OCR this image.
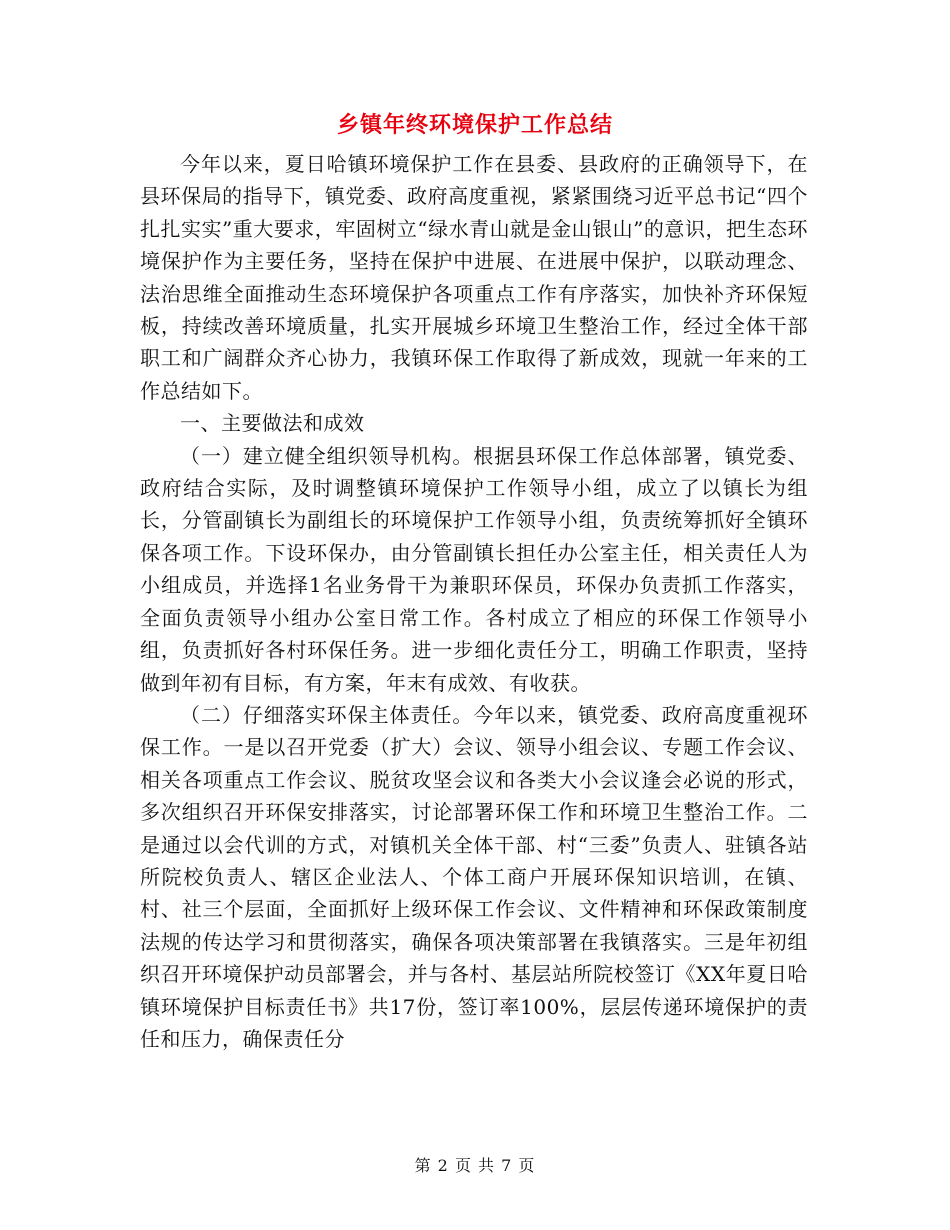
乡镇年终环境保护工作总结

今年以来，夏日哈镇环境保护工作在县委、县政府的正确领导下，在县环保局的指导下，镇党委、政府高度重视，紧紧围绕习近平总书记“四个扎扎实实”重大要求，牢固树立“绿水青山就是金山银山”的意识，把生态环境保护作为主要任务，坚持在保护中进展、在进展中保护，以联动理念、法治思维全面推动生态环境保护各项重点工作有序落实，加快补齐环保短板，持续改善环境质量，扎实开展城乡环境卫生整治工作，经过全体干部职工和广阔群众齐心协力，我镇环保工作取得了新成效，现就一年来的工作总结如下。

一、主要做法和成效

（一）建立健全组织领导机构。根据县环保工作总体部署，镇党委、政府结合实际，及时调整镇环境保护工作领导小组，成立了以镇长为组长，分管副镇长为副组长的环境保护工作领导小组，负责统筹抓好全镇环保各项工作。下设环保办，由分管副镇长担任办公室主任，相关责任人为小组成员，并选择1名业务骨干为兼职环保员，环保办负责抓工作落实，全面负责领导小组办公室日常工作。各村成立了相应的环保工作领导小组，负责抓好各村环保任务。进一步细化责任分工，明确工作职责，坚持做到年初有目标，有方案，年末有成效、有收获。

（二）仔细落实环保主体责任。今年以来，镇党委、政府高度重视环保工作。一是以召开党委（扩大）会议、领导小组会议、专题工作会议、相关各项重点工作会议、脱贫攻坚会议和各类大小会议逢会必说的形式，多次组织召开环保安排落实，讨论部署环保工作和环境卫生整治工作。二是通过以会代训的方式，对镇机关全体干部、村“三委”负责人、驻镇各站所院校负责人、辖区企业法人、个体工商户开展环保知识培训，在镇、村、社三个层面，全面抓好上级环保工作会议、文件精神和环保政策制度法规的传达学习和贯彻落实，确保各项决策部署在我镇落实。三是年初组织召开环境保护动员部署会，并与各村、基层站所院校签订《XX年夏日哈镇环境保护目标责任书》共17份，签订率100%，层层传递环境保护的责任和压力，确保责任分

第 2 页 共 7 页
